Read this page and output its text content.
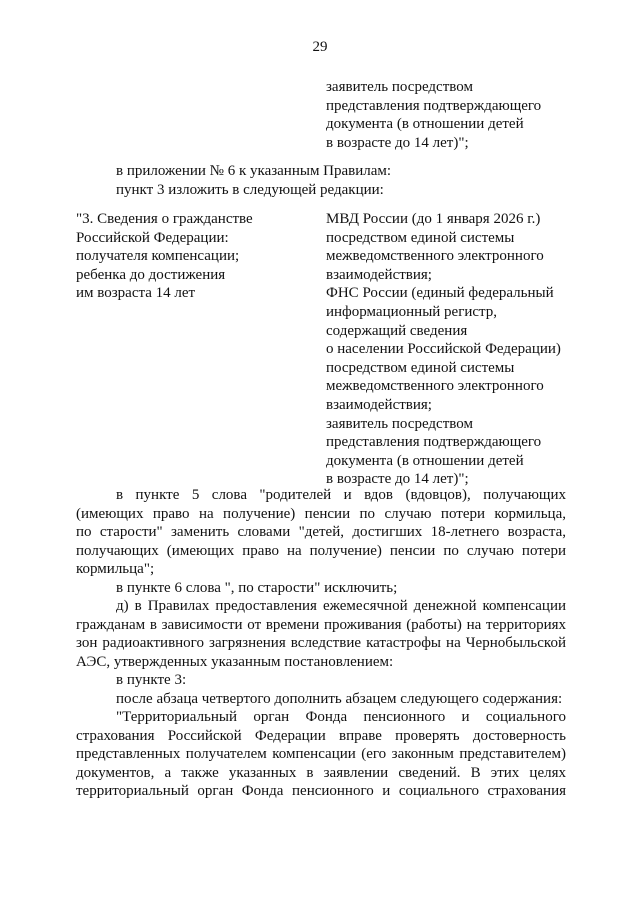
29
заявитель посредством
представления подтверждающего
документа (в отношении детей
в возрасте до 14 лет)";
в приложении № 6 к указанным Правилам:
пункт 3 изложить в следующей редакции:
"3. Сведения о гражданстве
Российской Федерации:
получателя компенсации;
ребенка до достижения
им возраста 14 лет
МВД России (до 1 января 2026 г.)
посредством единой системы
межведомственного электронного
взаимодействия;
ФНС России (единый федеральный
информационный регистр,
содержащий сведения
о населении Российской Федерации)
посредством единой системы
межведомственного электронного
взаимодействия;
заявитель посредством
представления подтверждающего
документа (в отношении детей
в возрасте до 14 лет)";
в пункте 5 слова "родителей и вдов (вдовцов), получающих
(имеющих право на получение) пенсии по случаю потери кормильца,
по старости" заменить словами "детей, достигших 18-летнего возраста,
получающих (имеющих право на получение) пенсии по случаю потери
кормильца";
в пункте 6 слова ", по старости" исключить;
д) в Правилах предоставления ежемесячной денежной компенсации
гражданам в зависимости от времени проживания (работы) на территориях
зон радиоактивного загрязнения вследствие катастрофы на Чернобыльской
АЭС, утвержденных указанным постановлением:
в пункте 3:
после абзаца четвертого дополнить абзацем следующего содержания:
"Территориальный орган Фонда пенсионного и социального
страхования Российской Федерации вправе проверять достоверность
представленных получателем компенсации (его законным представителем)
документов, а также указанных в заявлении сведений. В этих целях
территориальный орган Фонда пенсионного и социального страхования
